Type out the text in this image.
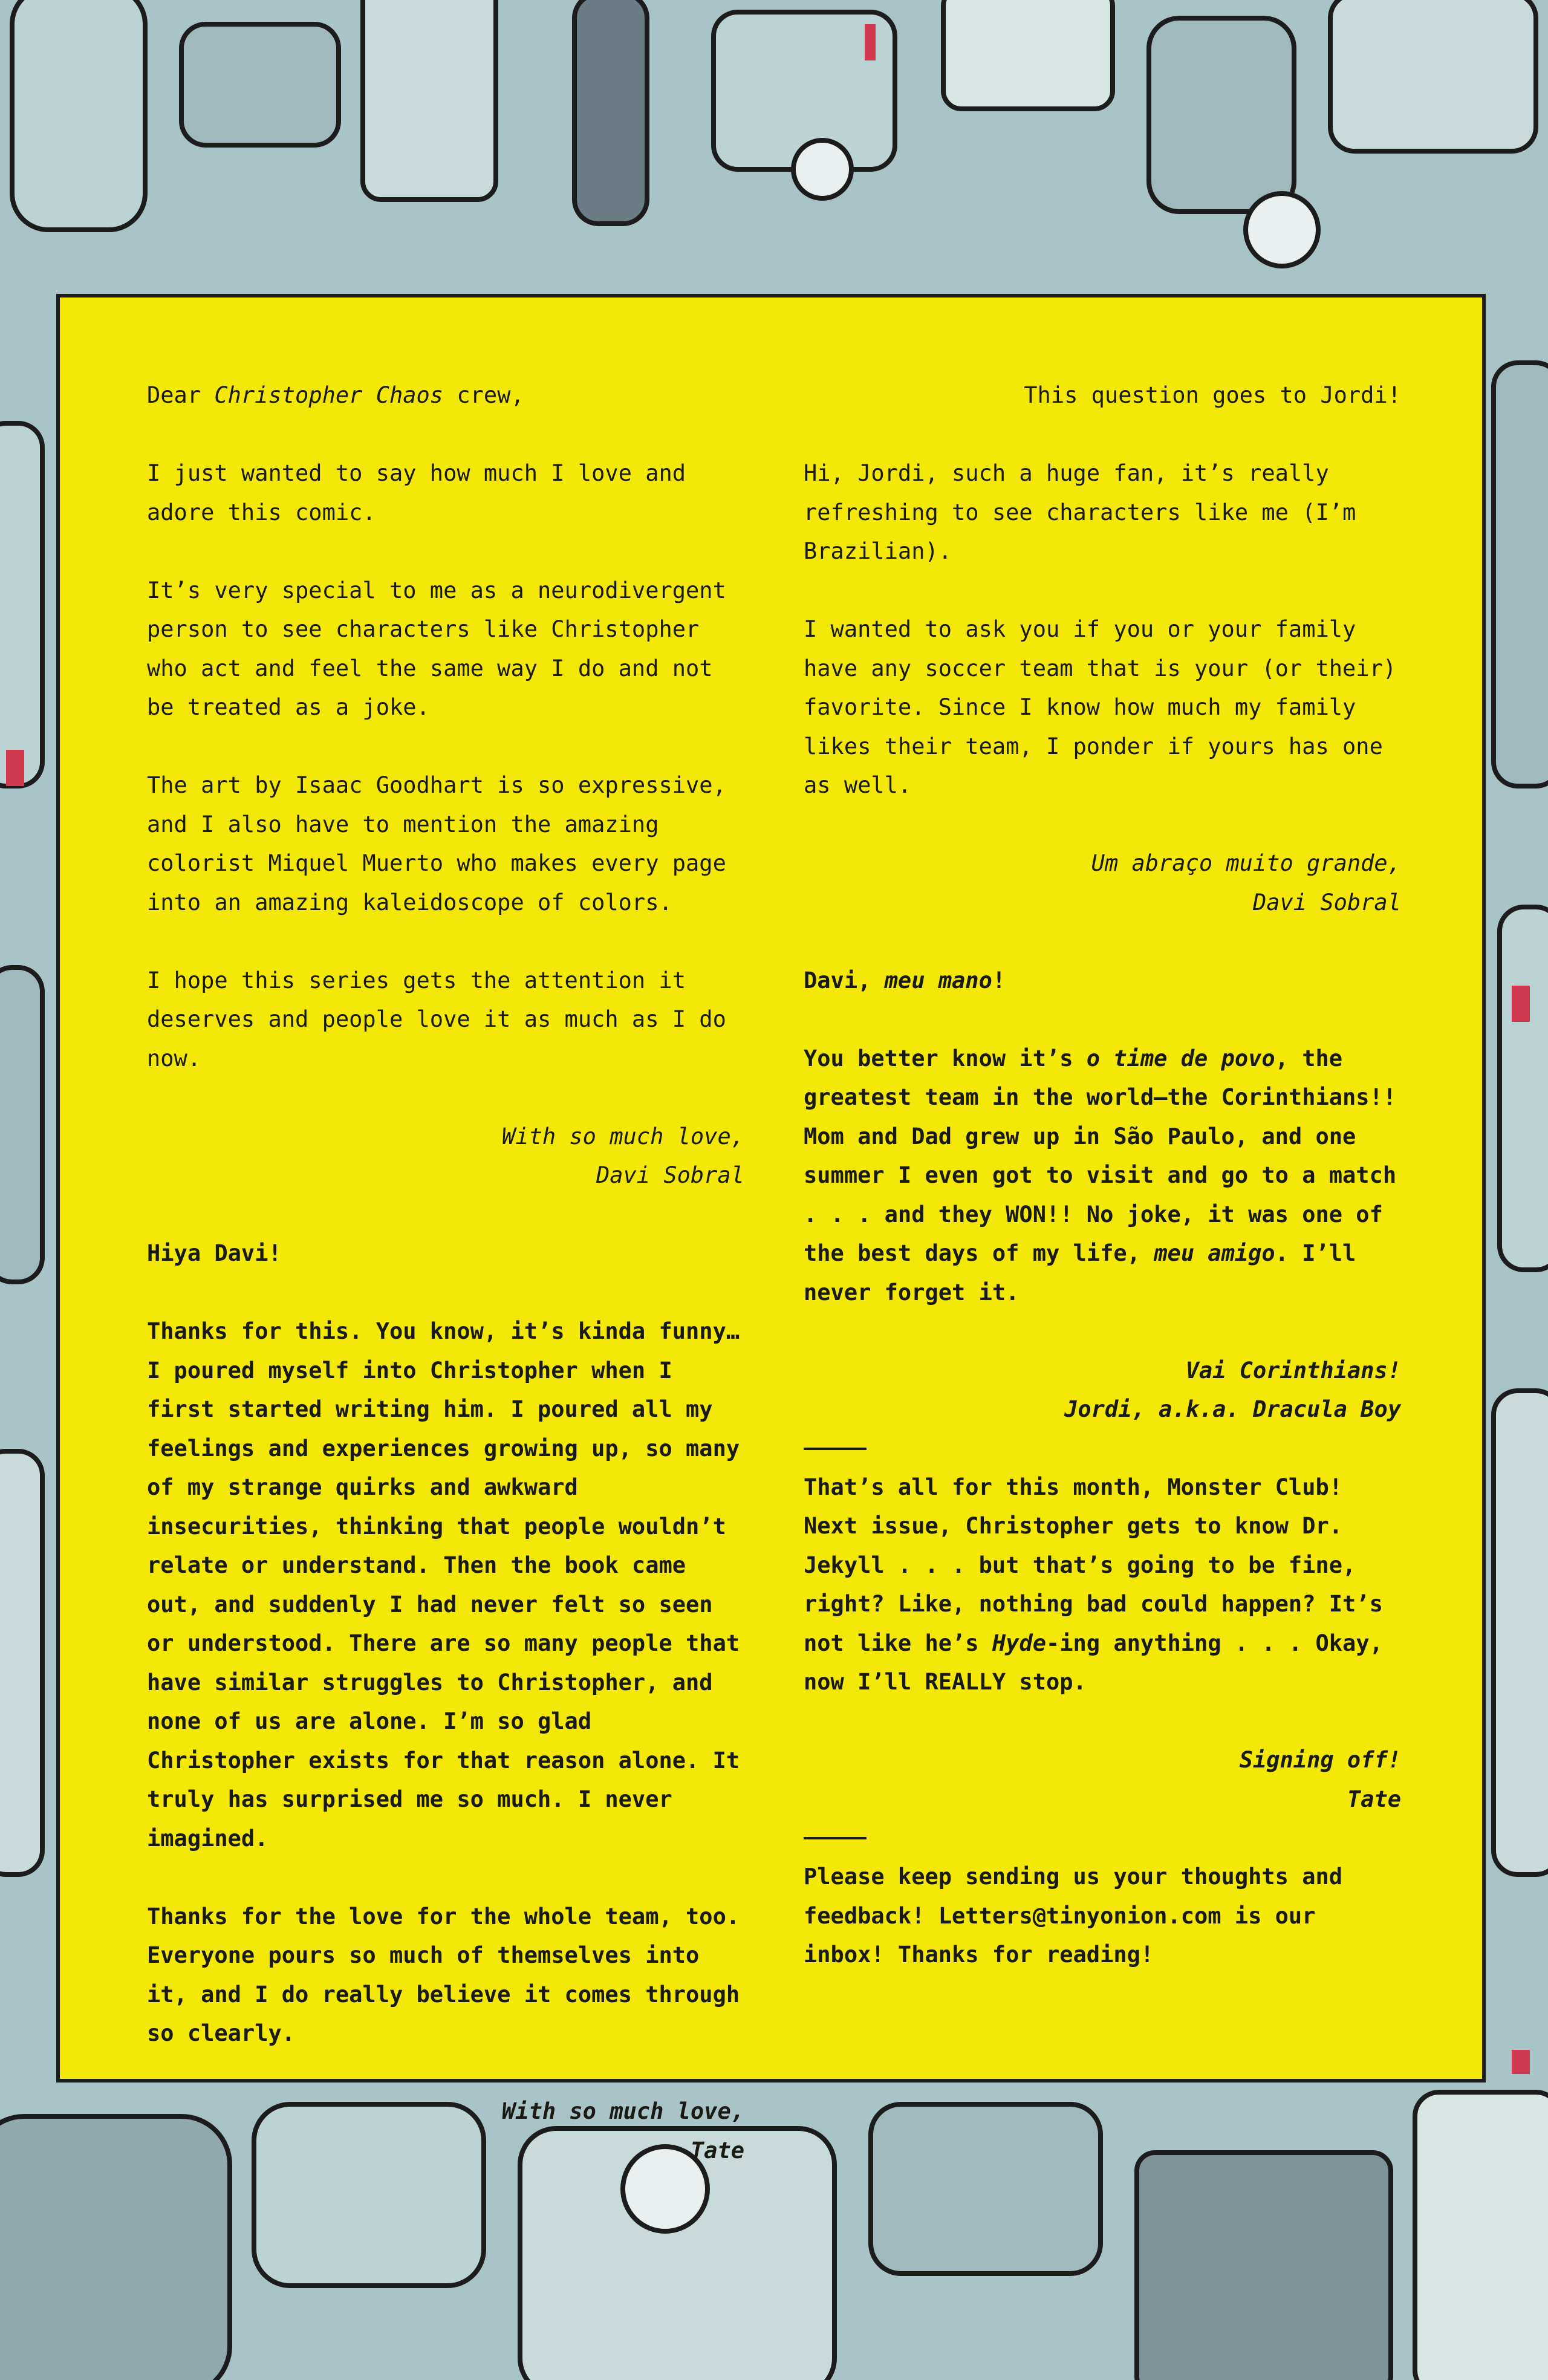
Dear Christopher Chaos crew,

I just wanted to say how much I love and adore this comic.

It’s very special to me as a neurodivergent person to see characters like Christopher who act and feel the same way I do and not be treated as a joke.

The art by Isaac Goodhart is so expressive, and I also have to mention the amazing colorist Miquel Muerto who makes every page into an amazing kaleidoscope of colors.

I hope this series gets the attention it deserves and people love it as much as I do now.

With so much love,

Davi Sobral

Hiya Davi!

Thanks for this. You know, it’s kinda funny… I poured myself into Christopher when I first started writing him. I poured all my feelings and experiences growing up, so many of my strange quirks and awkward insecurities, thinking that people wouldn’t relate or understand. Then the book came out, and suddenly I had never felt so seen or understood. There are so many people that have similar struggles to Christopher, and none of us are alone. I’m so glad Christopher exists for that reason alone. It truly has surprised me so much. I never imagined.

Thanks for the love for the whole team, too. Everyone pours so much of themselves into it, and I do really believe it comes through so clearly.

With so much love,

Tate

This question goes to Jordi!

Hi, Jordi, such a huge fan, it’s really refreshing to see characters like me (I’m Brazilian).

I wanted to ask you if you or your family have any soccer team that is your (or their) favorite. Since I know how much my family likes their team, I ponder if yours has one as well.

Um abraço muito grande,

Davi Sobral

Davi, meu mano!

You better know it’s o time de povo, the greatest team in the world—the Corinthians!! Mom and Dad grew up in São Paulo, and one summer I even got to visit and go to a match . . . and they WON!! No joke, it was one of the best days of my life, meu amigo. I’ll never forget it.

Vai Corinthians!

Jordi, a.k.a. Dracula Boy

That’s all for this month, Monster Club! Next issue, Christopher gets to know Dr. Jekyll . . . but that’s going to be fine, right? Like, nothing bad could happen? It’s not like he’s Hyde-ing anything . . . Okay, now I’ll REALLY stop.

Signing off!

Tate

Please keep sending us your thoughts and feedback! Letters@tinyonion.com is our inbox! Thanks for reading!
